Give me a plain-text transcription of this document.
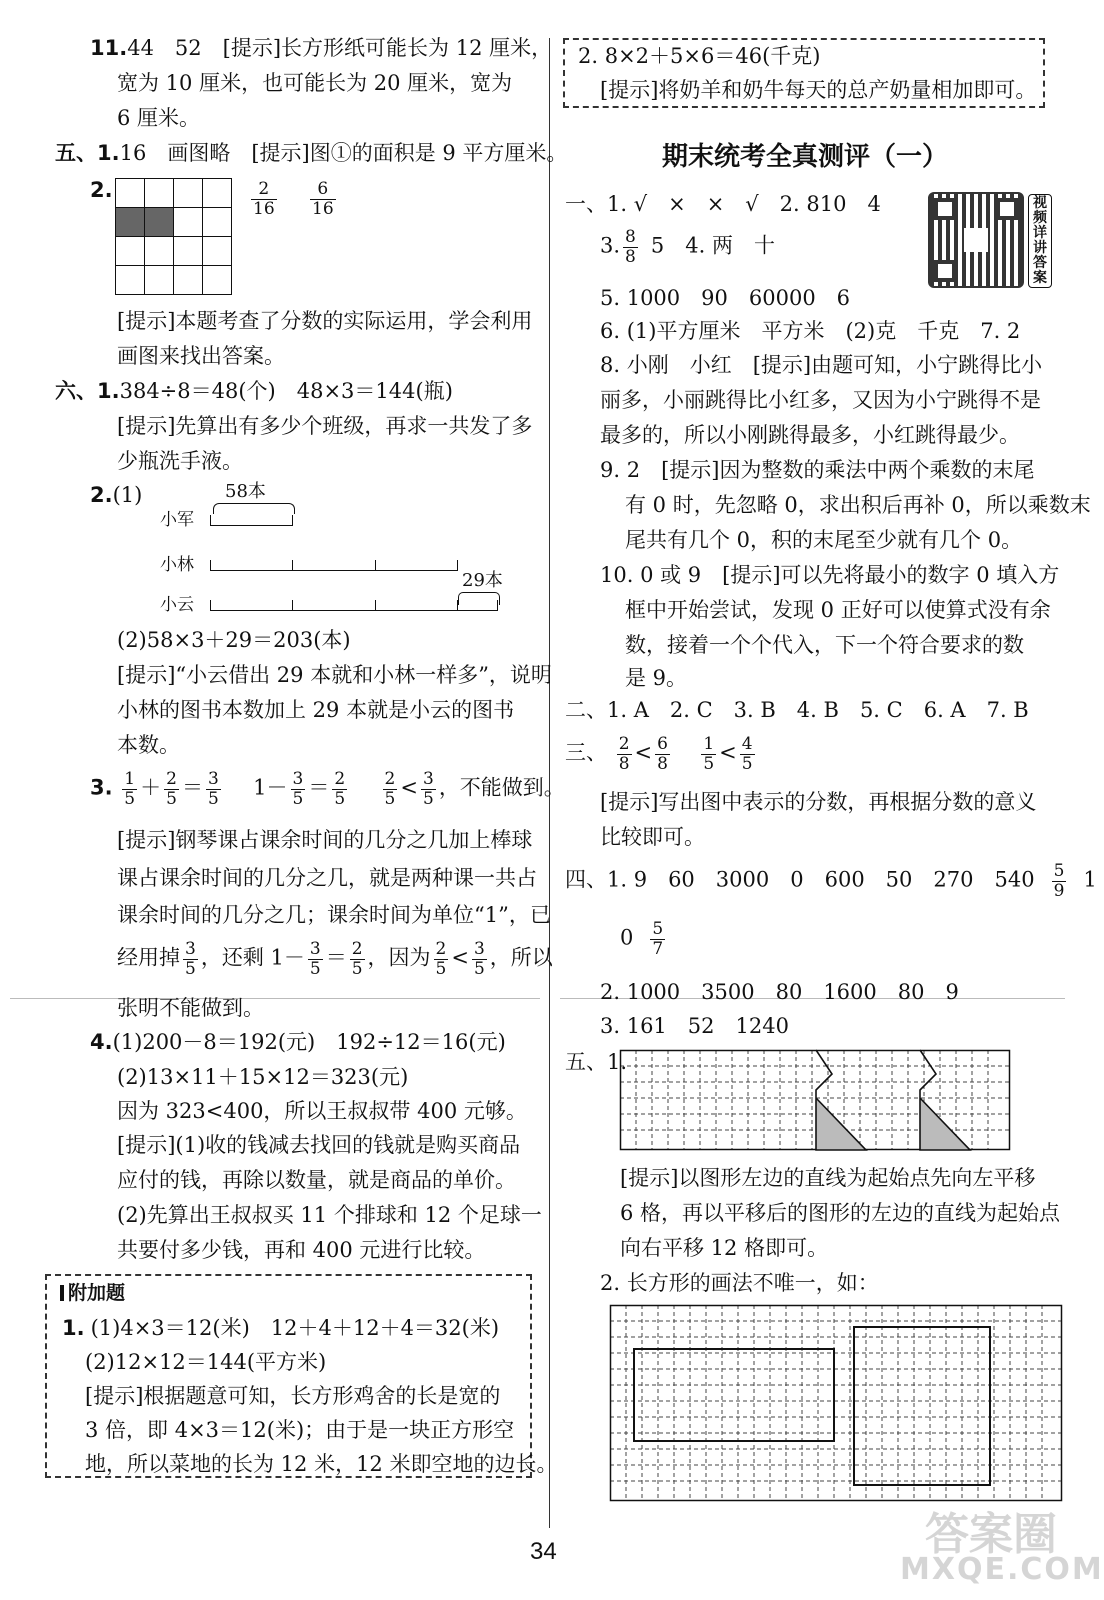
11.44　52　[提示]长方形纸可能长为 12 厘米，
宽为 10 厘米，也可能长为 20 厘米，宽为
6 厘米。
五、1.16　画图略　[提示]图①的面积是 9 平方厘米。
2.	$\frac{2}{16}$
$\frac{6}{16}$
[提示]本题考查了分数的实际运用，学会利用
画图来找出答案。
六、1.384÷8＝48(个)　48×3＝144(瓶)
[提示]先算出有多少个班级，再求一共发了多
少瓶洗手液。
2.(1)	58本
小军
小林
29本
小云
(2)58×3＋29＝203(本)
[提示]“小云借出 29 本就和小林一样多”，说明
小林的图书本数加上 29 本就是小云的图书
本数。
3. $\frac{1}{5} + \frac{2}{5} = \frac{3}{5} 1- \frac{3}{5} = \frac{2}{5}$
$\frac{2}{5} < \frac{3}{5}$ ，不能做到。
[提示]钢琴课占课余时间的几分之几加上棒球
课占课余时间的几分之几，就是两种课一共占
课余时间的几分之几；课余时间为单位“1”，已
经用掉 $\frac{3}{5}$ ，还剩 $1- \frac{3}{5} = \frac{2}{5}$ ，因为 $\frac{2}{5} < \frac{3}{5}$ ，所以
张明不能做到。
4.(1)200－8＝192(元)　192÷12＝16(元)
(2)13×11＋15×12＝323(元)
因为 323<400，所以王叔叔带 400 元够。
[提示](1)收的钱减去找回的钱就是购买商品
应付的钱，再除以数量，就是商品的单价。
(2)先算出王叔叔买 11 个排球和 12 个足球一
共要付多少钱，再和 400 元进行比较。
附加题
1. (1)4×3＝12(米)　12＋4＋12＋4＝32(米)
(2)12×12＝144(平方米)
[提示]根据题意可知，长方形鸡舍的长是宽的
3 倍，即 4×3＝12(米)；由于是一块正方形空
地，所以菜地的长为 12 米，12 米即空地的边长。
2. 8×2＋5×6＝46(千克)
[提示]将奶羊和奶牛每天的总产奶量相加即可。
期末统考全真测评（一）
视频详讲答案
一、1. √　×　×　√　2. 810　4
3. $\frac{8}{8} 5$　4. 两　十
5. 1000　90　60000　6
6. (1)平方厘米　平方米　(2)克　千克　7. 2
8. 小刚　小红　[提示]由题可知，小宁跳得比小
丽多，小丽跳得比小红多，又因为小宁跳得不是
最多的，所以小刚跳得最多，小红跳得最少。
9. 2　[提示]因为整数的乘法中两个乘数的末尾
有 0 时，先忽略 0，求出积后再补 0，所以乘数末
尾共有几个 0，积的末尾至少就有几个 0。
10. 0 或 9　[提示]可以先将最小的数字 0 填入方
框中开始尝试，发现 0 正好可以使算式没有余
数，接着一个个代入，下一个符合要求的数
是 9。
二、1. A　2. C　3. B　4. B　5. C　6. A　7. B
三、 $\frac{2}{8} < \frac{6}{8}$
$\frac{1}{5} < \frac{4}{5}$
[提示]写出图中表示的分数，再根据分数的意义
比较即可。
四、1. 9　60　3000　0　600　50　270　$540 \frac{5}{9} 1$
$0 \frac{5}{7}$
2. 1000　3500　80　1600　80　9
3. 161　52　1240
五、1.
[提示]以图形左边的直线为起始点先向左平移
6 格，再以平移后的图形的左边的直线为起始点
向右平移 12 格即可。
2. 长方形的画法不唯一，如：
34	答案圈
MXQE.COM
